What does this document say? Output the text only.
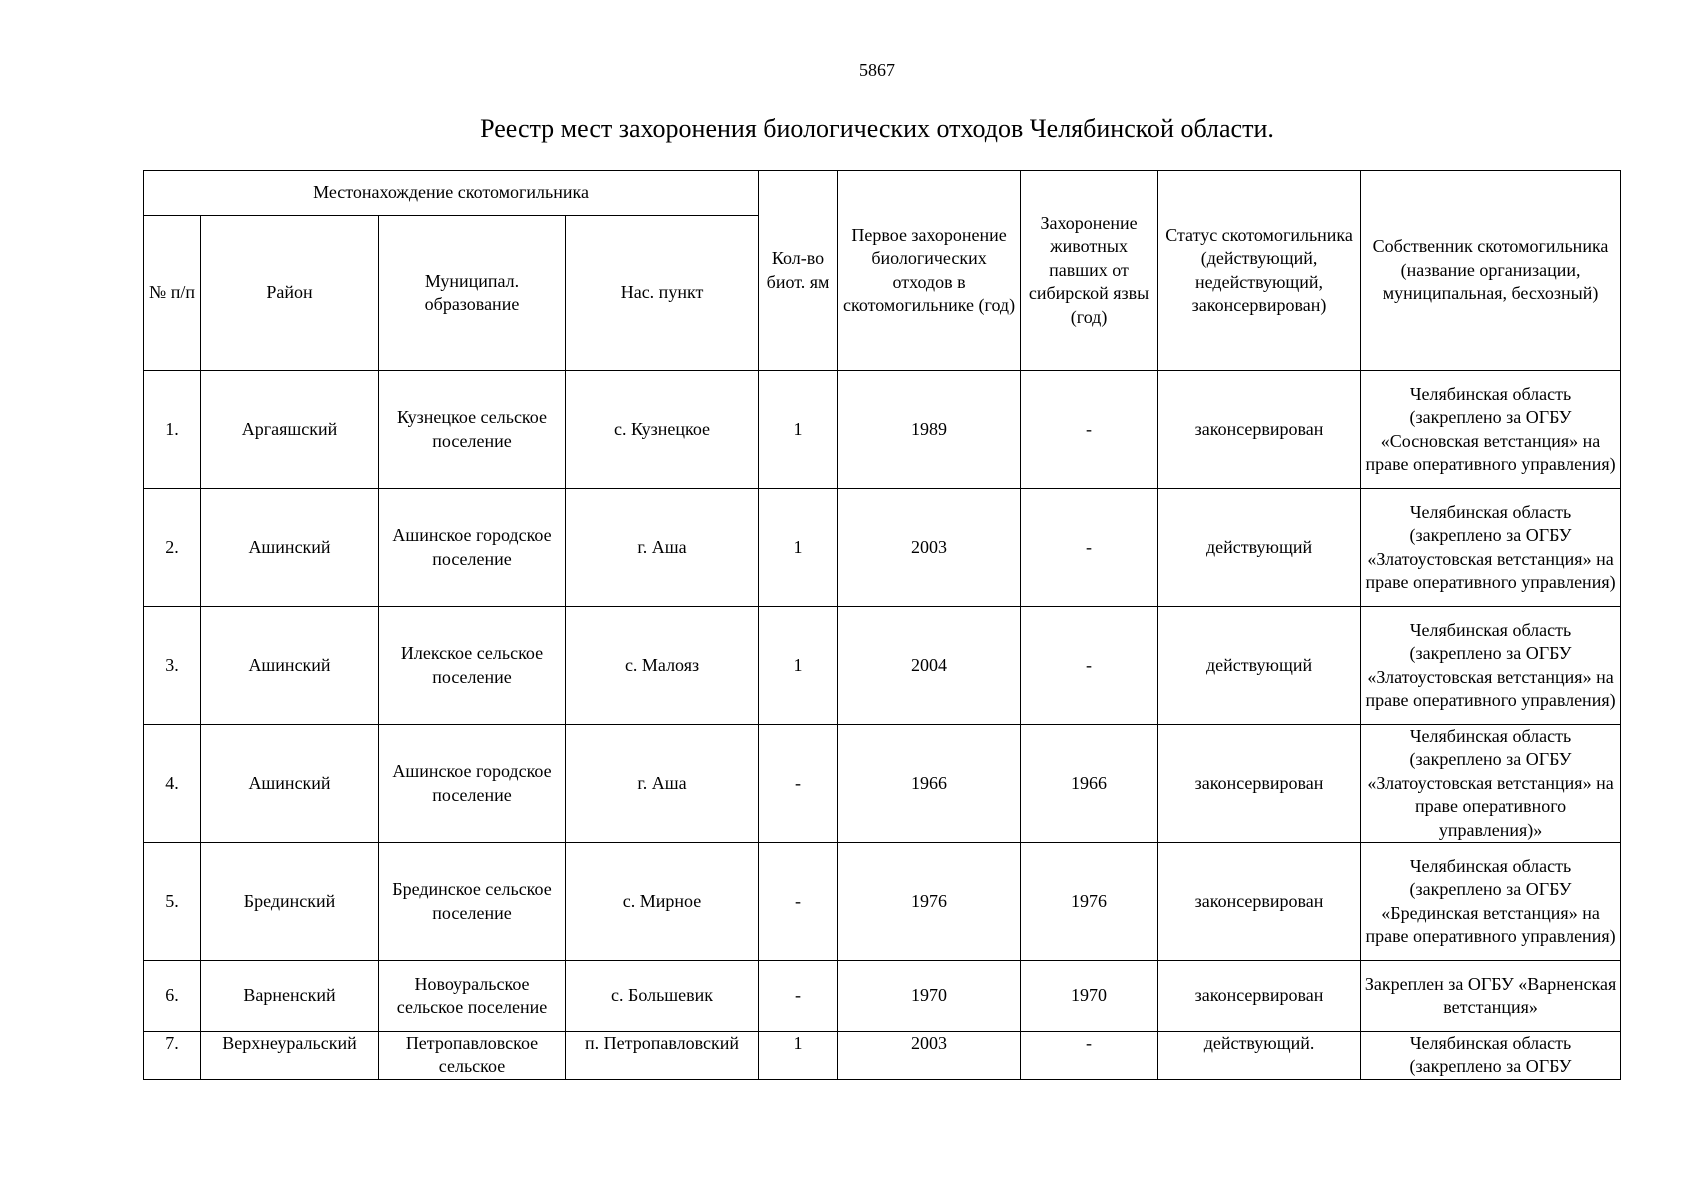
5867
Реестр мест захоронения биологических отходов Челябинской области.
Местонахождение скотомогильника				Кол-во биот. ям	Первое захоронение биологических отходов в скотомогильнике (год)	Захоронение животных павших от сибирской язвы (год)	Статус скотомогильника (действующий, недействующий, законсервирован)	Собственник скотомогильника (название организации, муниципальная, бесхозный)
№ п/п	Район	Муниципал. образование	Нас. пункт					
1.	Аргаяшский	Кузнецкое сельское поселение	с. Кузнецкое	1	1989	-	законсервирован	Челябинская область (закреплено за ОГБУ «Сосновская ветстанция» на праве оперативного управления)
2.	Ашинский	Ашинское городское поселение	г. Аша	1	2003	-	действующий	Челябинская область (закреплено за ОГБУ «Златоустовская ветстанция» на праве оперативного управления)
3.	Ашинский	Илекское сельское поселение	с. Малояз	1	2004	-	действующий	Челябинская область (закреплено за ОГБУ «Златоустовская ветстанция» на праве оперативного управления)
4.	Ашинский	Ашинское городское поселение	г. Аша	-	1966	1966	законсервирован	Челябинская область (закреплено за ОГБУ «Златоустовская ветстанция» на праве оперативного управления)»
5.	Брединский	Брединское сельское поселение	с. Мирное	-	1976	1976	законсервирован	Челябинская область (закреплено за ОГБУ «Брединская ветстанция» на праве оперативного управления)
6.	Варненский	Новоуральское сельское поселение	с. Большевик	-	1970	1970	законсервирован	Закреплен за ОГБУ «Варненская ветстанция»
7.	Верхнеуральский	Петропавловское сельское	п. Петропавловский	1	2003	-	действующий.	Челябинская область (закреплено за ОГБУ
